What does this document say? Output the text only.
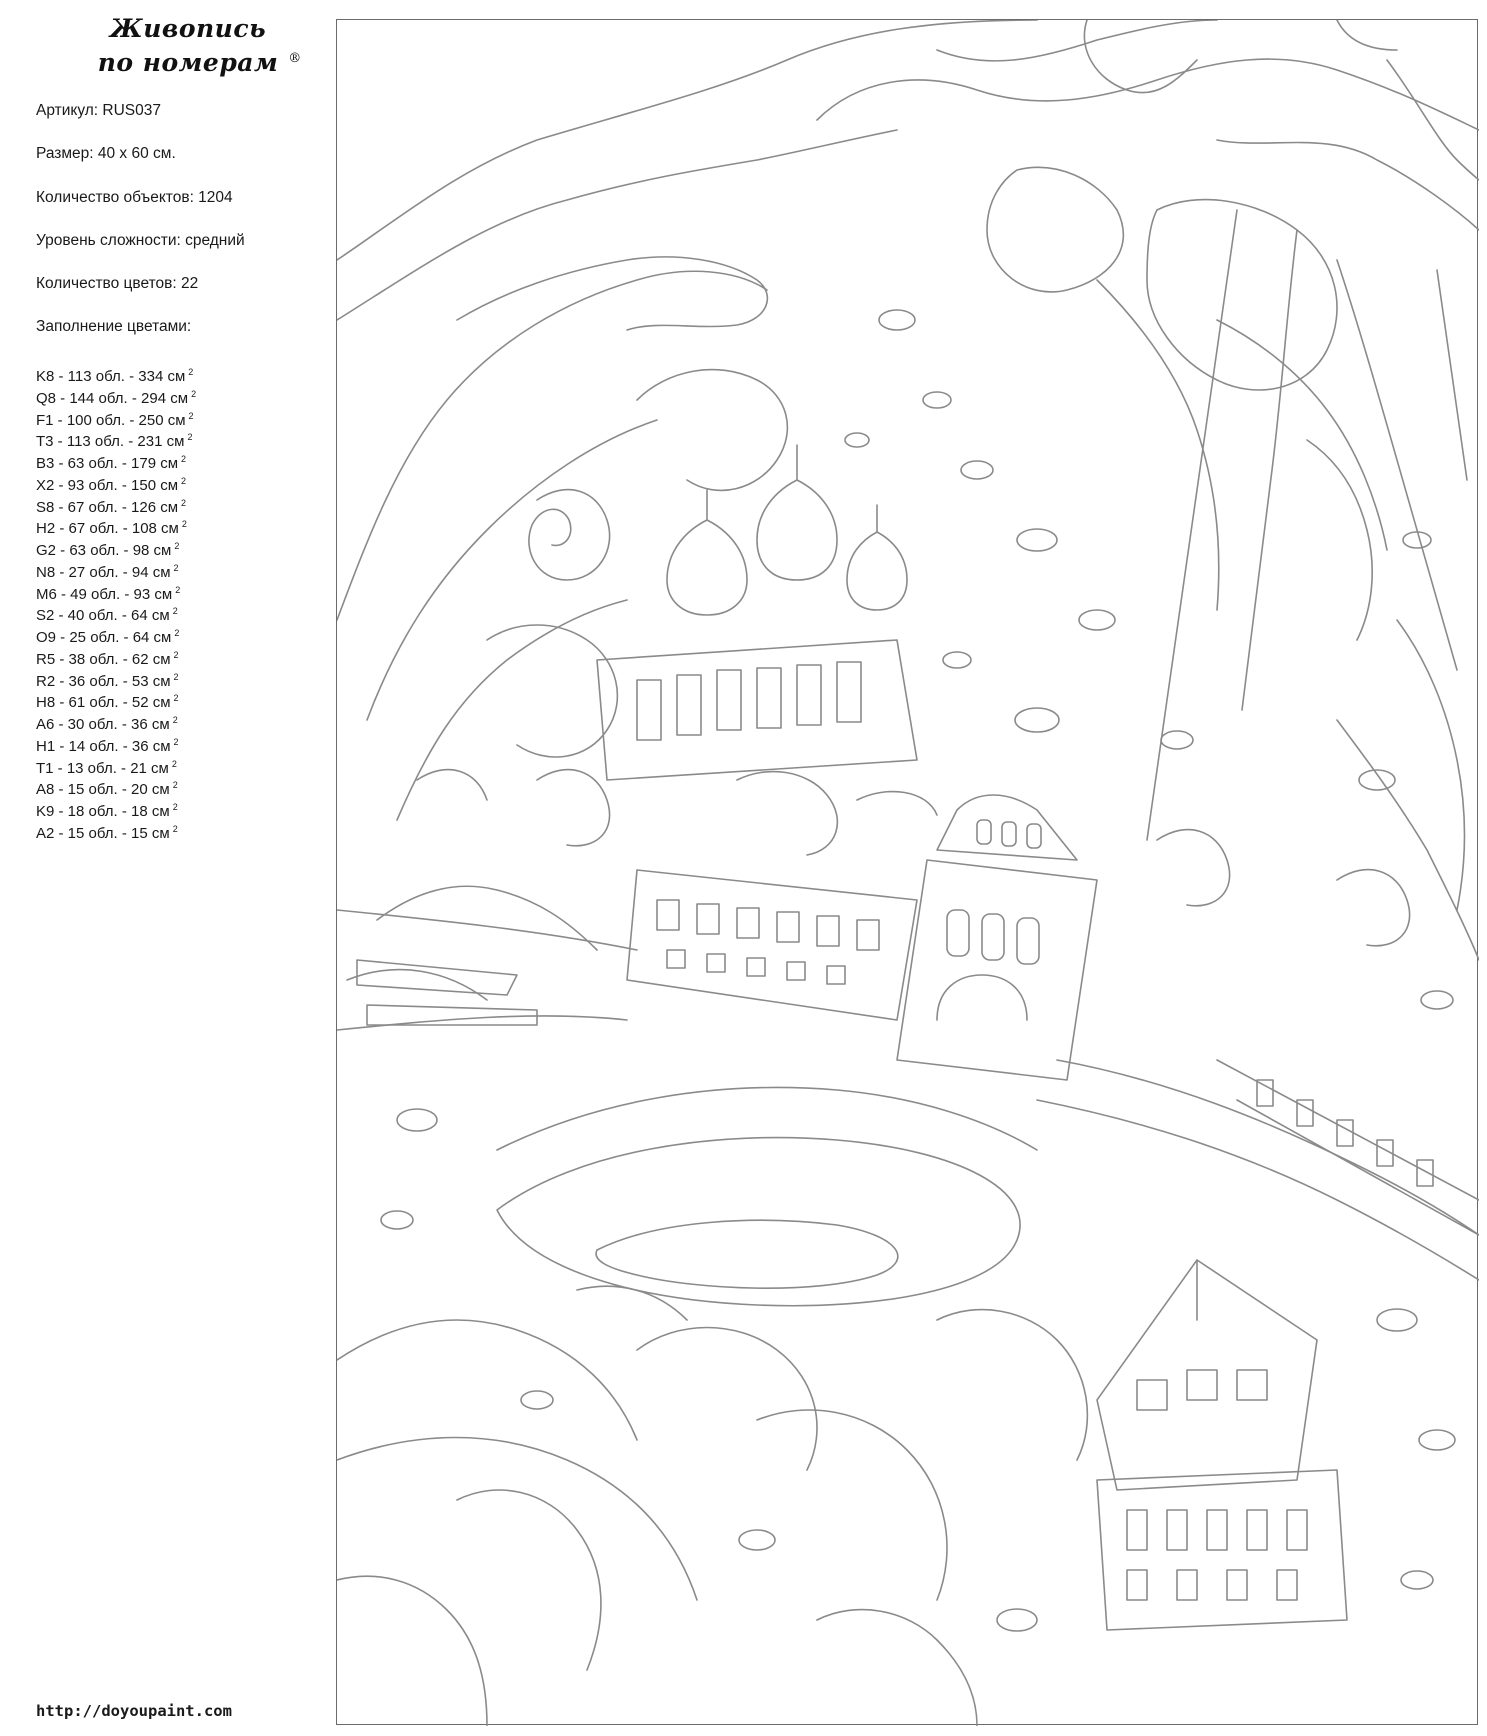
Живопись
по номерам ®
Артикул: RUS037
Размер: 40 х 60 см.
Количество объектов: 1204
Уровень сложности: средний
Количество цветов: 22
Заполнение цветами:
K8 - 113 обл. - 334 см $^2$
Q8 - 144 обл. - 294 см $^2$
F1 - 100 обл. - 250 см $^2$
T3 - 113 обл. - 231 см $^2$
B3 - 63 обл. - 179 см $^2$
X2 - 93 обл. - 150 см $^2$
S8 - 67 обл. - 126 см $^2$
H2 - 67 обл. - 108 см $^2$
G2 - 63 обл. - 98 см $^2$
N8 - 27 обл. - 94 см $^2$
M6 - 49 обл. - 93 см $^2$
S2 - 40 обл. - 64 см $^2$
O9 - 25 обл. - 64 см $^2$
R5 - 38 обл. - 62 см $^2$
R2 - 36 обл. - 53 см $^2$
H8 - 61 обл. - 52 см $^2$
A6 - 30 обл. - 36 см $^2$
H1 - 14 обл. - 36 см $^2$
T1 - 13 обл. - 21 см $^2$
A8 - 15 обл. - 20 см $^2$
K9 - 18 обл. - 18 см $^2$
A2 - 15 обл. - 15 см $^2$
http://doyoupaint.com
